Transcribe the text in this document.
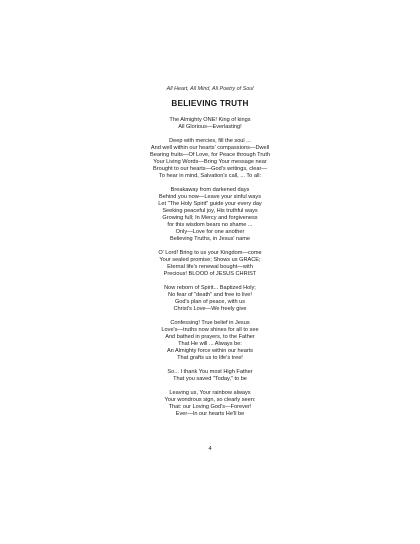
All Heart, All Mind, All Poetry of Soul
BELIEVING TRUTH
The Almighty ONE! King of kings
All Glorious—Everlasting!
Deep with mercies, fill the soul ...
And well within our hearts' compassions—Dwell
Bearing fruits—Of Love, for Peace through Truth
Your Living Words—Bring Your message near
Brought to our hearts—God's writings, clear—
To hear in mind, Salvation's call, ... To all:
Breakaway from darkened days
Behind you now—Leave your sinful ways
Let "The Holy Spirit" guide your every day
Seeking peaceful joy, His truthful ways
Growing full; In Mercy and forgiveness
for this wisdom bears no shame ...
Only—Love for one another
Believing Truths, in Jesus' name
O' Lord! Bring to us your Kingdom—come
Your sealed promise; Shows us GRACE;
Eternal life's renewal bought—with
Precious! BLOOD of JESUS CHRIST
Now reborn of Spirit... Baptized Holy;
No fear of "death" and free to live!
God's plan of peace, with us
Christ's Love—We freely give
Confessing! True belief in Jesus
Love's—truths now shines for all to see
And bathed in prayers, to the Father
That He will ... Always be:
An Almighty force within our hearts
That grafts us to life's tree!
So... I thank You most High Father
That you saved "Today," to be
Leaving us, Your rainbow always
Your wondrous sign, so clearly seen:
That: our Loving God's—Forever!
Ever—In our hearts He'll be
4
